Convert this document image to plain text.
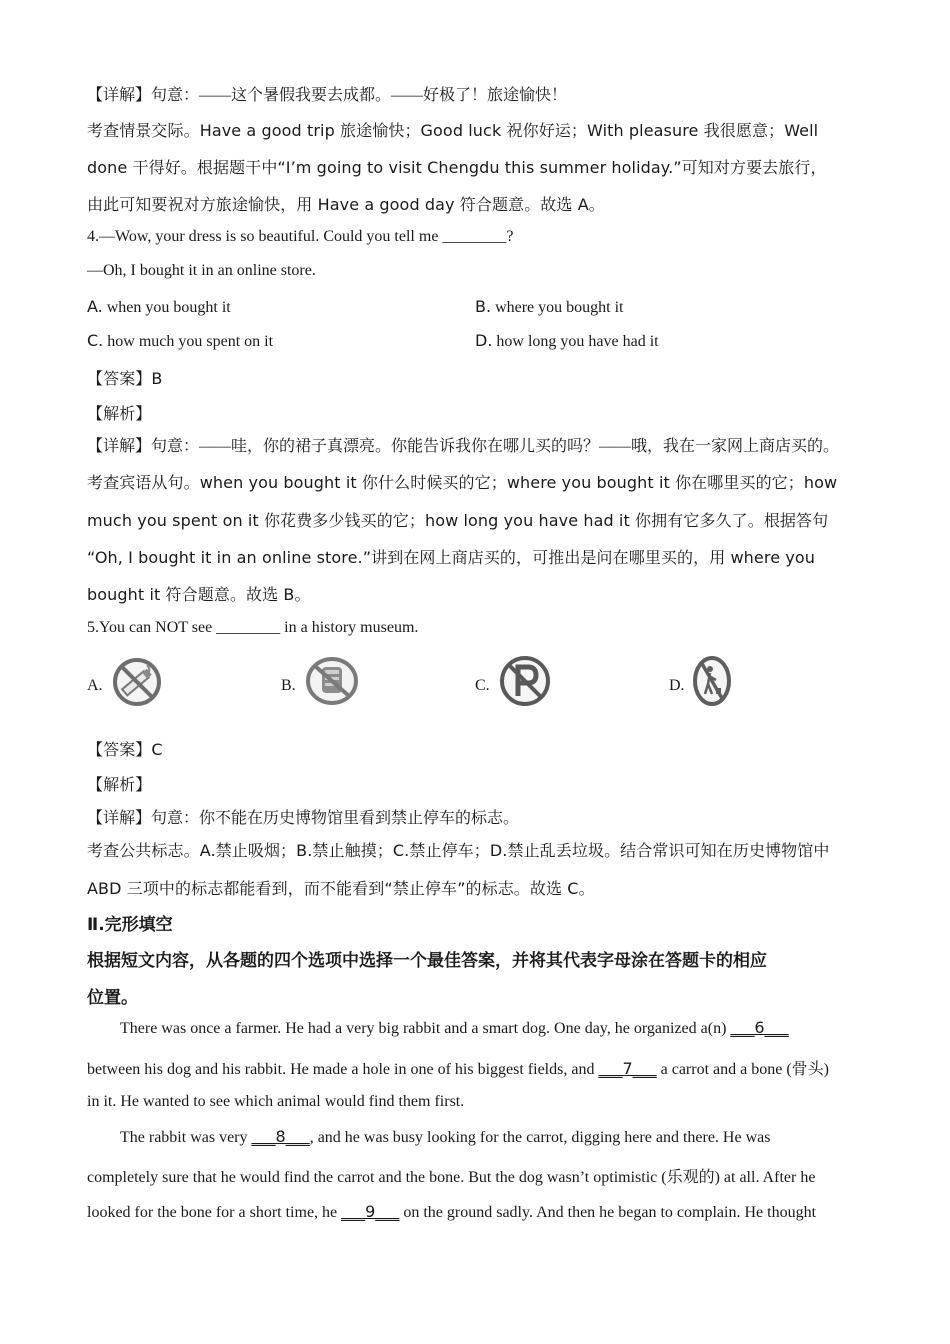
【详解】句意：——这个暑假我要去成都。——好极了！旅途愉快！
考查情景交际。Have a good trip 旅途愉快；Good luck 祝你好运；With pleasure 我很愿意；Well
done 干得好。根据题干中“I’m going to visit Chengdu this summer holiday.”可知对方要去旅行，
由此可知要祝对方旅途愉快，用 Have a good day 符合题意。故选 A。
4.—Wow, your dress is so beautiful. Could you tell me ________?
—Oh, I bought it in an online store.
A. when you bought it	B. where you bought it
C. how much you spent on it	D. how long you have had it
【答案】B
【解析】
【详解】句意：——哇，你的裙子真漂亮。你能告诉我你在哪儿买的吗？——哦，我在一家网上商店买的。
考查宾语从句。when you bought it 你什么时候买的它；where you bought it 你在哪里买的它；how
much you spent on it 你花费多少钱买的它；how long you have had it 你拥有它多久了。根据答句
“Oh, I bought it in an online store.”讲到在网上商店买的，可推出是问在哪里买的，用 where you
bought it 符合题意。故选 B。
5.You can NOT see ________ in a history museum.
A.	B.	C.	D.
【答案】C
【解析】
【详解】句意：你不能在历史博物馆里看到禁止停车的标志。
考查公共标志。A.禁止吸烟；B.禁止触摸；C.禁止停车；D.禁止乱丢垃圾。结合常识可知在历史博物馆中
ABD 三项中的标志都能看到，而不能看到“禁止停车”的标志。故选 C。
Ⅱ.完形填空
根据短文内容，从各题的四个选项中选择一个最佳答案，并将其代表字母涂在答题卡的相应
位置。
There was once a farmer. He had a very big rabbit and a smart dog. One day, he organized a(n) ___6___
between his dog and his rabbit. He made a hole in one of his biggest fields, and ___7___ a carrot and a bone (骨头)
in it. He wanted to see which animal would find them first.
The rabbit was very ___8___, and he was busy looking for the carrot, digging here and there. He was
completely sure that he would find the carrot and the bone. But the dog wasn’t optimistic (乐观的) at all. After he
looked for the bone for a short time, he ___9___ on the ground sadly. And then he began to complain. He thought
